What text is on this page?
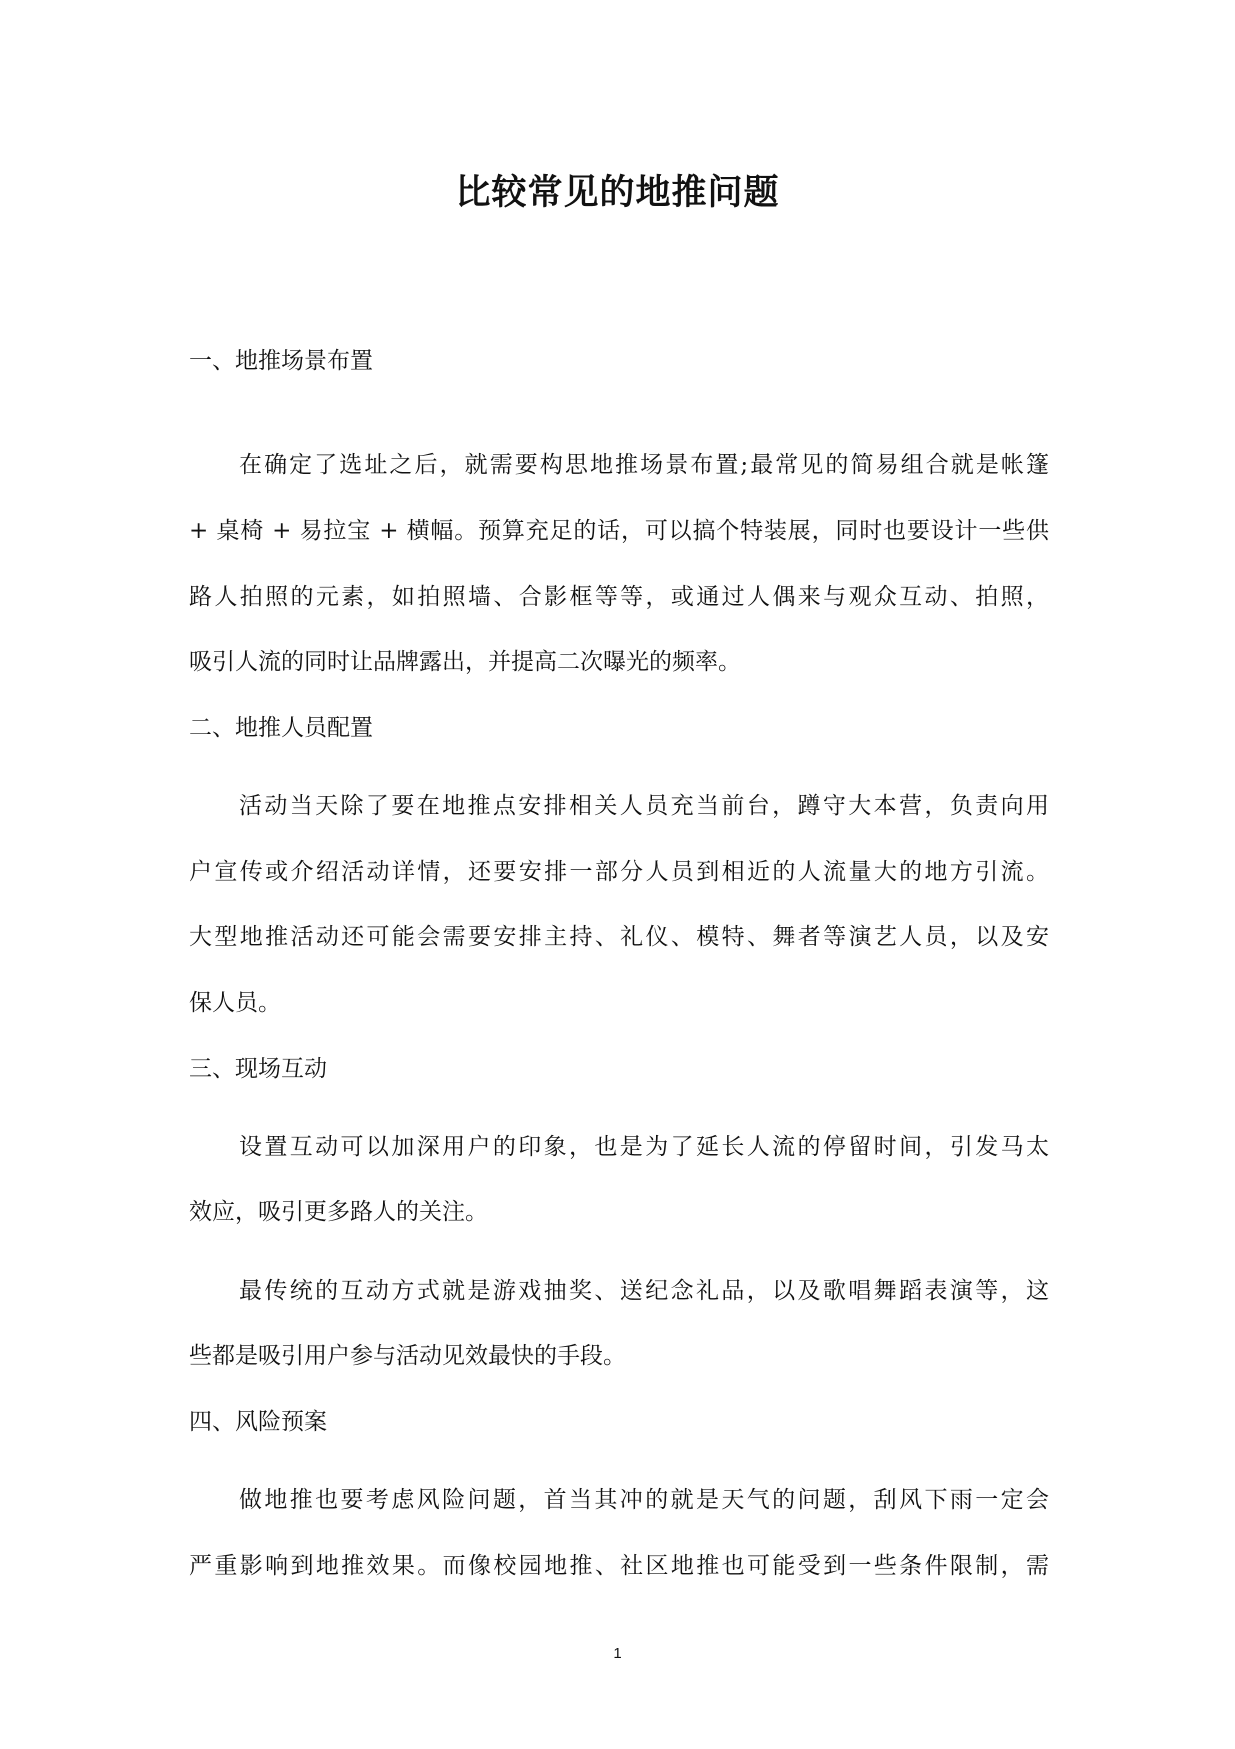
比较常见的地推问题

一、地推场景布置

在确定了选址之后，就需要构思地推场景布置;最常见的简易组合就是帐篷

+ 桌椅 + 易拉宝 + 横幅。预算充足的话，可以搞个特装展，同时也要设计一些供

路人拍照的元素，如拍照墙、合影框等等，或通过人偶来与观众互动、拍照，

吸引人流的同时让品牌露出，并提高二次曝光的频率。

二、地推人员配置

活动当天除了要在地推点安排相关人员充当前台，蹲守大本营，负责向用

户宣传或介绍活动详情，还要安排一部分人员到相近的人流量大的地方引流。

大型地推活动还可能会需要安排主持、礼仪、模特、舞者等演艺人员，以及安

保人员。

三、现场互动

设置互动可以加深用户的印象，也是为了延长人流的停留时间，引发马太

效应，吸引更多路人的关注。

最传统的互动方式就是游戏抽奖、送纪念礼品，以及歌唱舞蹈表演等，这

些都是吸引用户参与活动见效最快的手段。

四、风险预案

做地推也要考虑风险问题，首当其冲的就是天气的问题，刮风下雨一定会

严重影响到地推效果。而像校园地推、社区地推也可能受到一些条件限制，需

1
